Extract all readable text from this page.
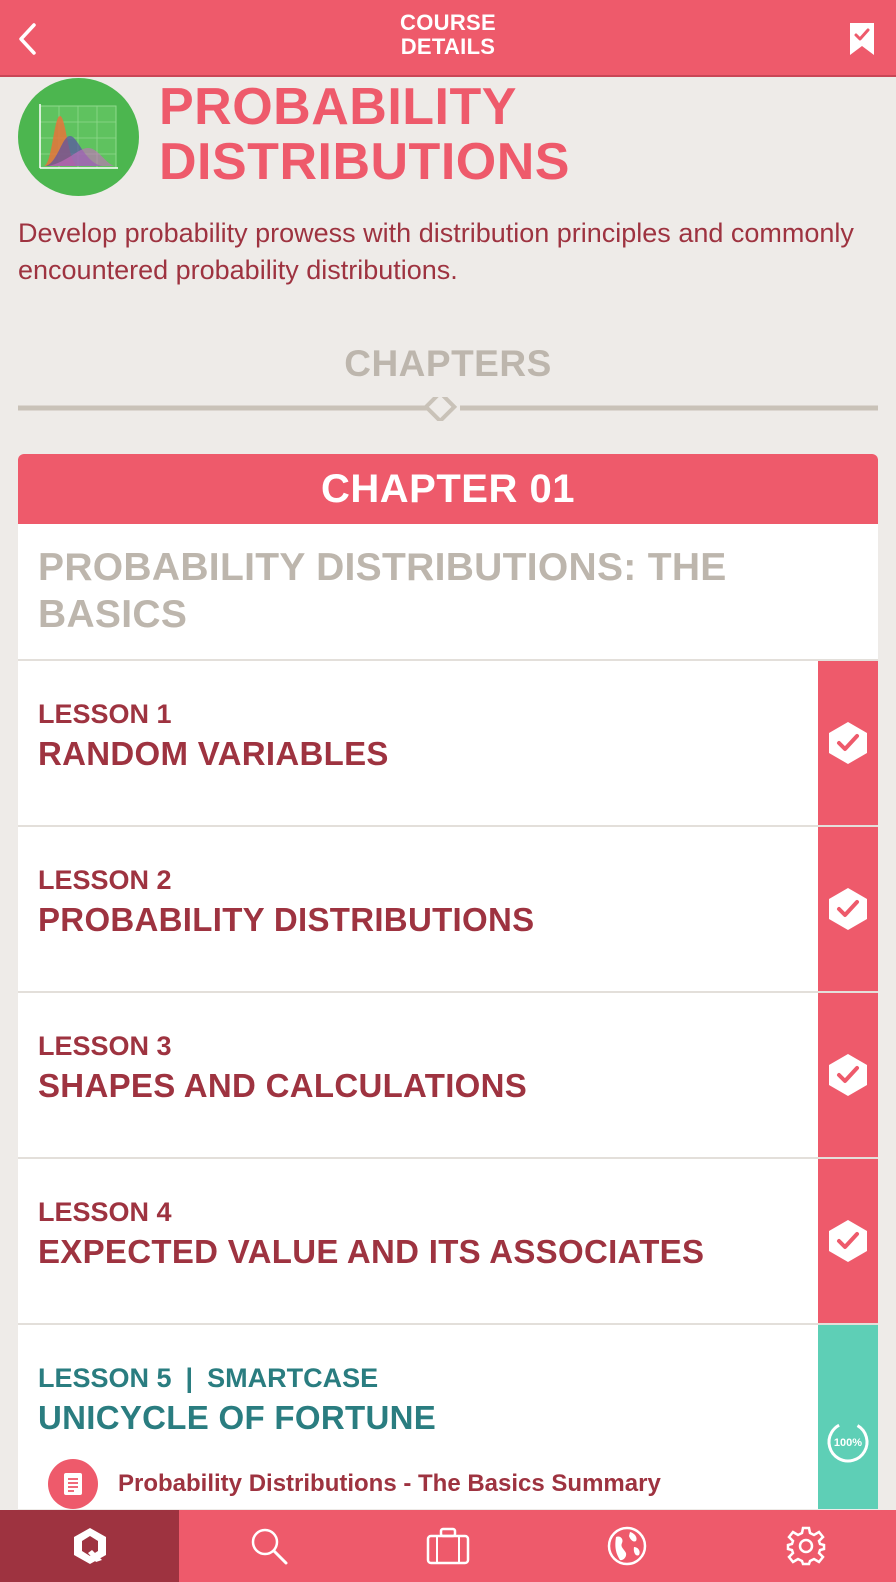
COURSE
DETAILS
PROBABILITY
DISTRIBUTIONS
Develop probability prowess with distribution principles and commonly encountered probability distributions.
CHAPTERS
CHAPTER 01
PROBABILITY DISTRIBUTIONS: THE BASICS
LESSON 1
RANDOM VARIABLES
LESSON 2
PROBABILITY DISTRIBUTIONS
LESSON 3
SHAPES AND CALCULATIONS
LESSON 4
EXPECTED VALUE AND ITS ASSOCIATES
LESSON 5 | SMARTCASE
UNICYCLE OF FORTUNE
Probability Distributions - The Basics Summary
100%
